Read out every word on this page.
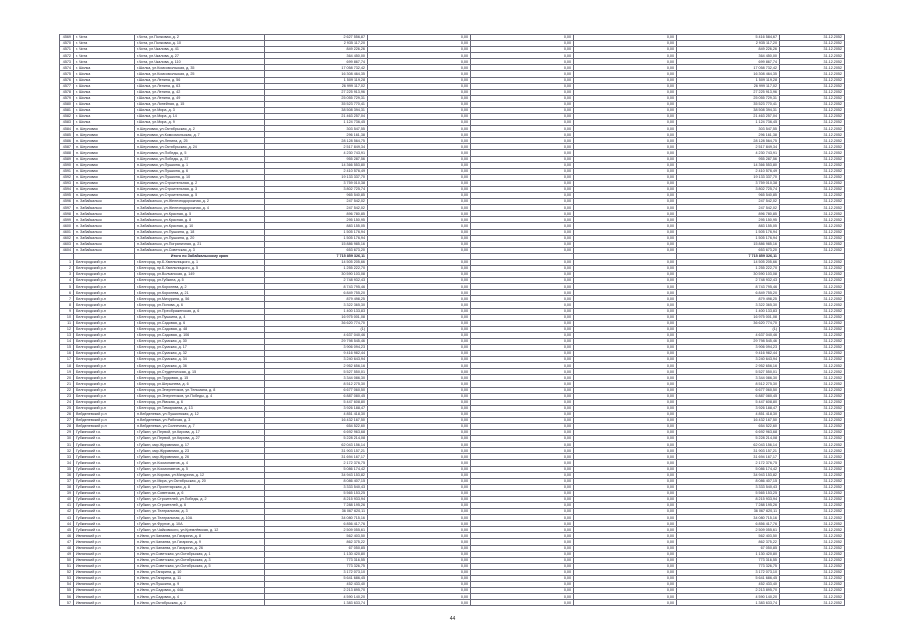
4569	г. Чита	г.Чита, ул.Полковая, д. 2	2 627 556,87	0,00	0,00	0,00	5 416 584,67	31.12.2052
4570	г. Чита	г.Чита, ул.Полковая, д. 10	2 935 117,20	0,00	0,00	0,00	2 935 117,20	31.12.2052
4571	г. Чита	г.Чита, ул.Чкалова, д. 41	849 226,26	0,00	0,00	0,00	849 226,26	31.12.2052
4572	г. Чита	г.Чита, ул.Чкалова, д. 27	364 450,00	0,00	0,00	0,00	364 450,00	31.12.2052
4573	г. Чита	г.Чита, ул.Чкалова, д. 110	699 867,74	0,00	0,00	0,00	699 867,74	31.12.2052
4574	г. Шилка	г.Шилка, ул.Комсомольская, д. 35	17 058 732,42	0,00	0,00	0,00	17 058 732,42	31.12.2052
4575	г. Шилка	г.Шилка, ул.Комсомольская, д. 25	16 308 464,35	0,00	0,00	0,00	16 308 464,35	31.12.2052
4576	г. Шилка	г.Шилка, ул.Ленина, д. 56	1 509 119,28	0,00	0,00	0,00	1 509 119,28	31.12.2052
4577	г. Шилка	г.Шилка, ул.Ленина, д. 63	26 999 117,02	0,00	0,00	0,00	26 999 117,02	31.12.2052
4578	г. Шилка	г.Шилка, ул.Ленина, д. 42	27 225 913,96	0,00	0,00	0,00	27 225 913,96	31.12.2052
4579	г. Шилка	г.Шилка, ул.Ленина, д. 49	25 055 729,31	0,00	0,00	0,00	25 055 729,31	31.12.2052
4580	г. Шилка	г.Шилка, ул.Линейная, д. 15	35 523 770,41	0,00	0,00	0,00	35 523 770,41	31.12.2052
4581	г. Шилка	г.Шилка, ул.Мира, д. 3	38 508 394,31	0,00	0,00	0,00	38 508 394,31	31.12.2052
4582	г. Шилка	г.Шилка, ул.Мира, д. 14	21 463 257,04	0,00	0,00	0,00	21 463 257,04	31.12.2052
4583	г. Шилка	г.Шилка, ул.Мира, д. 9	1 124 736,45	0,00	0,00	0,00	1 124 736,45	31.12.2052
4584	п. Шерловая	п.Шерловая, ул.Октябрьская, д. 2	303 547,55	0,00	0,00	0,00	303 547,55	31.12.2052
4585	п. Шерловая	п.Шерловая, ул.Комсомольская, д. 7	296 161,38	0,00	0,00	0,00	296 161,38	31.12.2052
4586	п. Шерловая	п.Шерловая, ул.Ленина, д. 25	28 128 564,75	0,00	0,00	0,00	28 128 564,75	31.12.2052
4587	п. Шерловая	п.Шерловая, ул.Октябрьская, д. 24	2 517 849,34	0,00	0,00	0,00	2 517 849,34	31.12.2052
4588	п. Шерловая	п.Шерловая, ул.Победы, д. 5	4 230 743,91	0,00	0,00	0,00	4 230 743,91	31.12.2052
4589	п. Шерловая	п.Шерловая, ул.Победы, д. 37	955 287,56	0,00	0,00	0,00	955 287,56	31.12.2052
4590	п. Шерловая	п.Шерловая, ул.Пушкина, д. 1	14 366 553,80	0,00	0,00	0,00	14 366 553,80	31.12.2052
4591	п. Шерловая	п.Шерловая, ул.Пушкина, д. 6	2 410 576,49	0,00	0,00	0,00	2 410 576,49	31.12.2052
4592	п. Шерловая	п.Шерловая, ул.Пушкина, д. 10	19 133 337,70	0,00	0,00	0,00	19 133 337,70	31.12.2052
4593	п. Шерловая	п.Шерловая, ул.Строительная, д. 2	3 759 010,38	0,00	0,00	0,00	3 759 010,38	31.12.2052
4594	п. Шерловая	п.Шерловая, ул.Строительная, д. 3	3 802 725,74	0,00	0,00	0,00	3 802 725,74	31.12.2052
4595	п. Шерловая	п.Шерловая, ул.Строительная, д. 5	965 540,85	0,00	0,00	0,00	965 540,85	31.12.2052
4596	п. Забайкальск	п.Забайкальск, ул.Железнодорожная, д. 2	247 542,02	0,00	0,00	0,00	247 542,02	31.12.2052
4597	п. Забайкальск	п.Забайкальск, ул.Железнодорожная, д. 4	247 542,02	0,00	0,00	0,00	247 542,02	31.12.2052
4598	п. Забайкальск	п.Забайкальск, ул.Красная, д. 5	896 780,85	0,00	0,00	0,00	896 780,85	31.12.2052
4599	п. Забайкальск	п.Забайкальск, ул.Красная, д. 8	295 150,95	0,00	0,00	0,00	295 150,95	31.12.2052
4600	п. Забайкальск	п.Забайкальск, ул.Красная, д. 10	883 155,05	0,00	0,00	0,00	883 155,05	31.12.2052
4601	п. Забайкальск	п.Забайкальск, ул.Пушкина, д. 18	1 505 176,94	0,00	0,00	0,00	1 505 176,94	31.12.2052
4602	п. Забайкальск	п.Забайкальск, ул.Пушкина, д. 20	1 505 176,94	0,00	0,00	0,00	1 505 176,94	31.12.2052
4603	п. Забайкальск	п.Забайкальск, ул.Пограничная, д. 21	15 886 985,16	0,00	0,00	0,00	15 886 985,16	31.12.2052
4604	п. Забайкальск	п.Забайкальск, ул.Советская, д. 3	653 673,20	0,00	0,00	0,00	653 673,20	31.12.2052
		Итого по Забайкальскому краю	7 715 859 326,11				7 715 859 326,11	
1	Белгородский р-н	г.Белгород, пр.Б.Хмельницкого, д. 1	14 505 205,66	0,00	0,00	0,00	14 505 205,66	31.12.2052
2	Белгородский р-н	г.Белгород, пр.Б.Хмельницкого, д. 5	1 255 222,70	0,00	0,00	0,00	1 255 222,70	31.12.2052
3	Белгородский р-н	г.Белгород, ул.Волчанская, д. 149	30 590 103,08	0,00	0,00	0,00	30 590 103,08	31.12.2052
4	Белгородский р-н	г.Белгород, ул.Губкина, д. 5	2 748 932,43	0,00	0,00	0,00	2 748 932,43	31.12.2052
5	Белгородский р-н	г.Белгород, ул.Королева, д. 2	8 743 795,46	0,00	0,00	0,00	8 743 795,46	31.12.2052
6	Белгородский р-н	г.Белгород, ул.Королева, д. 21	6 849 755,20	0,00	0,00	0,00	6 849 755,20	31.12.2052
7	Белгородский р-н	г.Белгород, ул.Мичурина, д. 56	879 498,25	0,00	0,00	0,00	879 498,25	31.12.2052
8	Белгородский р-н	г.Белгород, ул.Попова, д. 6	3 322 365,30	0,00	0,00	0,00	3 322 365,30	31.12.2052
9	Белгородский р-н	г.Белгород, ул.Преображенская, д. 6	1 400 133,83	0,00	0,00	0,00	1 400 133,83	31.12.2052
10	Белгородский р-н	г.Белгород, ул.Пушкина, д. 4	16 975 001,08	0,00	0,00	0,00	16 975 001,08	31.12.2052
11	Белгородский р-н	г.Белгород, ул.Садовая, д. 6	36 620 774,70	0,00	0,00	0,00	36 620 774,70	31.12.2052
12	Белгородский р-н	г.Белгород, ул.Садовая, д. 48	(1)	0,00	0,00	0,00	(1)	31.12.2052
13	Белгородский р-н	г.Белгород, ул.Садовая, д. 106	4 637 040,46	0,00	0,00	0,00	4 637 040,46	31.12.2052
14	Белгородский р-н	г.Белгород, ул.Сумская, д. 30	29 798 545,46	0,00	0,00	0,00	29 798 545,46	31.12.2052
15	Белгородский р-н	г.Белгород, ул.Сумская, д. 17	3 906 094,23	0,00	0,00	0,00	3 906 094,23	31.12.2052
16	Белгородский р-н	г.Белгород, ул.Сумская, д. 32	9 416 982,44	0,00	0,00	0,00	9 416 982,44	31.12.2052
17	Белгородский р-н	г.Белгород, ул.Сумская, д. 34	3 240 643,94	0,00	0,00	0,00	3 240 643,94	31.12.2052
18	Белгородский р-н	г.Белгород, ул.Сумская, д. 36	2 952 656,16	0,00	0,00	0,00	2 952 656,16	31.12.2052
19	Белгородский р-н	г.Белгород, ул.Студенческая, д. 15	5 527 550,01	0,00	0,00	0,00	5 527 550,01	31.12.2052
20	Белгородский р-н	г.Белгород, ул.Трудовая, д. 15	3 344 086,30	0,00	0,00	0,00	3 344 086,30	31.12.2052
21	Белгородский р-н	г.Белгород, ул.Шершнева, д. 6	8 512 275,30	0,00	0,00	0,00	8 512 275,30	31.12.2052
22	Белгородский р-н	г.Белгород, ул.Энергетиков, ул.Тельмана, д. 8	6 677 060,50	0,00	0,00	0,00	6 677 060,50	31.12.2052
23	Белгородский р-н	г.Белгород, ул.Энергетиков, ул.Победы, д. 4	6 887 080,45	0,00	0,00	0,00	6 887 080,45	31.12.2052
24	Белгородский р-н	г.Белгород, ул.Ямская, д. 6	5 447 608,80	0,00	0,00	0,00	5 447 608,80	31.12.2052
25	Белгородский р-н	г.Белгород, ул.Тимирязева, д. 13	3 926 188,47	0,00	0,00	0,00	3 926 188,47	31.12.2052
26	Вейделевский р-н	п.Вейделевка, ул.Пушкинская, д. 12	4 851 418,30	0,00	0,00	0,00	4 851 418,30	31.12.2052
27	Вейделевский р-н	п.Вейделевка, ул.Рабочая, д. 3	16 432 167,50	0,00	0,00	0,00	16 432 167,50	31.12.2052
28	Вейделевский р-н	п.Вейделевка, ул.Солнечная, д. 7	654 522,60	0,00	0,00	0,00	654 522,60	31.12.2052
29	Губкинский г.о.	г.Губкин, ул.Первой, ул.Кирова, д. 17	6 692 963,68	0,00	0,00	0,00	6 692 963,68	31.12.2052
30	Губкинский г.о.	г.Губкин, ул.Первой, ул.Кирова, д. 27	5 228 214,08	0,00	0,00	0,00	5 228 214,08	31.12.2052
31	Губкинский г.о.	г.Губкин, мкр.Журавлики, д. 17	62 043 156,14	0,00	0,00	0,00	62 043 156,14	31.12.2052
32	Губкинский г.о.	г.Губкин, мкр.Журавлики, д. 23	31 903 157,21	0,00	0,00	0,00	31 903 157,21	31.12.2052
33	Губкинский г.о.	г.Губкин, мкр.Журавлики, д. 26	31 694 167,17	0,00	0,00	0,00	31 694 167,17	31.12.2052
34	Губкинский г.о.	г.Губкин, ул.Космонавтов, д. 4	2 172 376,75	0,00	0,00	0,00	2 172 376,75	31.12.2052
35	Губкинский г.о.	г.Губкин, ул.Космонавтов, д. 5	5 086 174,42	0,00	0,00	0,00	5 086 174,42	31.12.2052
36	Губкинский г.о.	г.Губкин, ул.Кирова, ул.Мичурина, д. 12	34 943 153,82	0,00	0,00	0,00	34 943 153,82	31.12.2052
37	Губкинский г.о.	г.Губкин, ул.Мира, ул.Октябрьская, д. 20	8 086 407,15	0,00	0,00	0,00	8 086 407,15	31.12.2052
38	Губкинский г.о.	г.Губкин, ул.Пролетарская, д. 8	3 333 540,43	0,00	0,00	0,00	3 333 540,43	31.12.2052
39	Губкинский г.о.	г.Губкин, ул.Советская, д. 6	5 565 153,25	0,00	0,00	0,00	5 565 153,25	31.12.2052
40	Губкинский г.о.	г.Губкин, ул.Строителей, ул.Победы, д. 2	8 215 933,94	0,00	0,00	0,00	8 215 933,94	31.12.2052
41	Губкинский г.о.	г.Губкин, ул.Строителей, д. 6	7 288 195,26	0,00	0,00	0,00	7 288 195,26	31.12.2052
42	Губкинский г.о.	г.Губкин, ул.Театральная, д. 3	36 067 620,11	0,00	0,00	0,00	36 067 620,11	31.12.2052
43	Губкинский г.о.	г.Губкин, ул.Театральная, д. 10А	34 080 715,16	0,00	0,00	0,00	34 080 715,16	31.12.2052
44	Губкинский г.о.	г.Губкин, ул.Фрунзе, д. 10А	6 856 417,76	0,00	0,00	0,00	6 856 417,76	31.12.2052
45	Губкинский г.о.	г.Губкин, ул.Чайковского, ул.Кремлёвская, д. 12	2 509 055,61	0,00	0,00	0,00	2 509 055,61	31.12.2052
46	Ивнянский р-н	п.Ивня, ул.Чапаева, ул.Гагарина, д. 8	562 403,50	0,00	0,00	0,00	562 403,50	31.12.2052
47	Ивнянский р-н	п.Ивня, ул.Чапаева, ул.Гагарина, д. 9	862 375,22	0,00	0,00	0,00	862 375,22	31.12.2052
48	Ивнянский р-н	п.Ивня, ул.Чапаева, ул.Гагарина, д. 26	67 050,85	0,00	0,00	0,00	67 050,85	31.12.2052
49	Ивнянский р-н	п.Ивня, ул.Советская, ул.Октябрьская, д. 1	1 130 420,80	0,00	0,00	0,00	1 130 420,80	31.12.2052
50	Ивнянский р-н	п.Ивня, ул.Советская, ул.Октябрьская, д. 3	773 316,55	0,00	0,00	0,00	773 316,55	31.12.2052
51	Ивнянский р-н	п.Ивня, ул.Советская, ул.Октябрьская, д. 5	773 326,75	0,00	0,00	0,00	773 326,75	31.12.2052
52	Ивнянский р-н	п.Ивня, ул.Гагарина, д. 10	3 172 073,10	0,00	0,00	0,00	3 172 073,10	31.12.2052
53	Ивнянский р-н	п.Ивня, ул.Гагарина, д. 11	5 641 686,45	0,00	0,00	0,00	5 641 686,45	31.12.2052
54	Ивнянский р-н	п.Ивня, ул.Пушкина, д. 9	452 433,40	0,00	0,00	0,00	452 433,40	31.12.2052
55	Ивнянский р-н	п.Ивня, ул.Садовая, д. 44А	2 213 895,70	0,00	0,00	0,00	2 213 895,70	31.12.2052
56	Ивнянский р-н	п.Ивня, ул.Садовая, д. 4	4 590 140,20	0,00	0,00	0,00	4 590 140,20	31.12.2052
57	Ивнянский р-н	п.Ивня, ул.Октябрьская, д. 2	1 383 633,74	0,00	0,00	0,00	1 383 633,74	31.12.2052
44
